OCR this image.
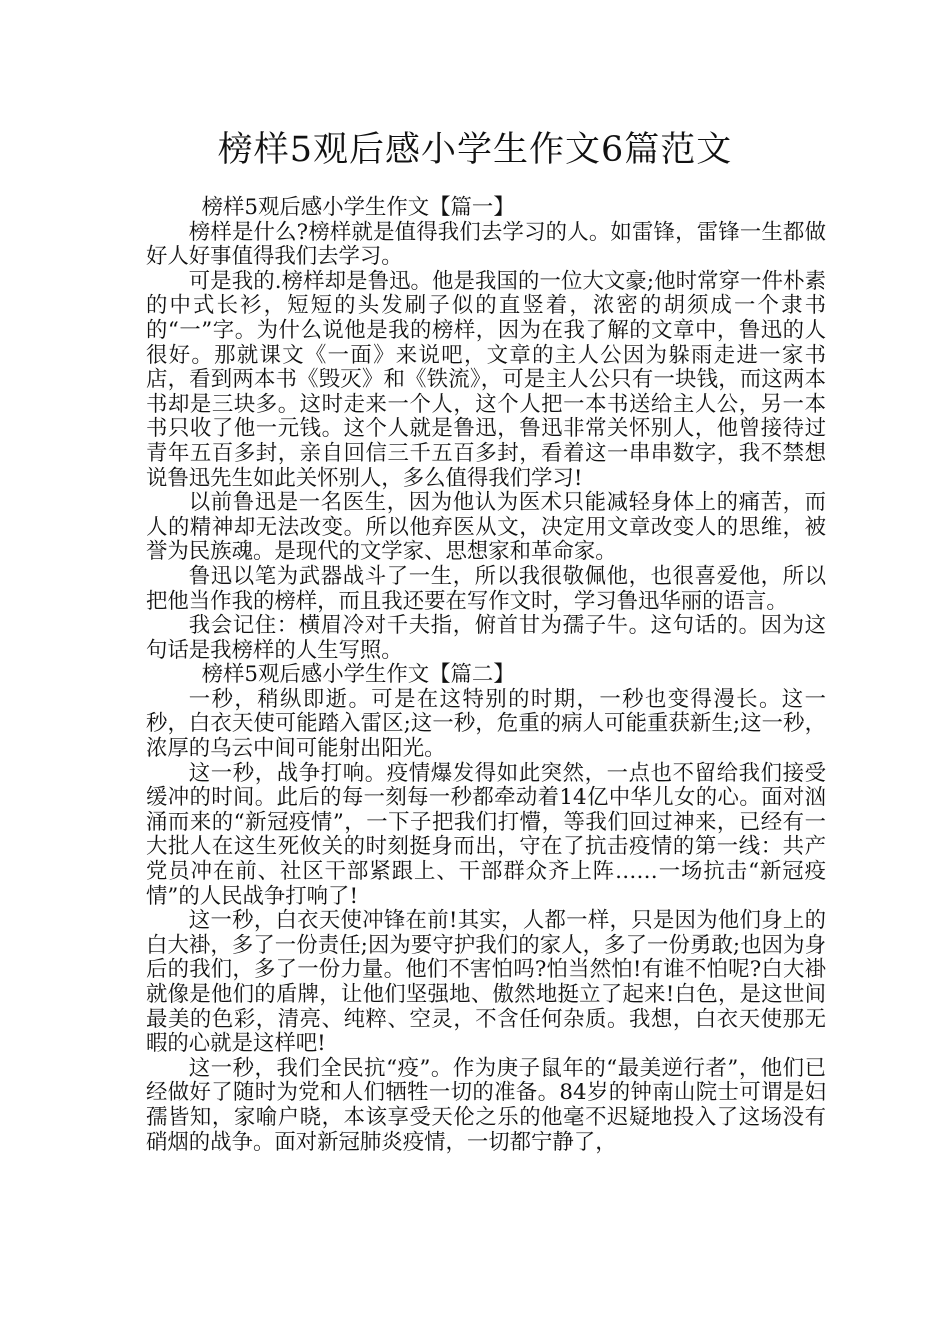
榜样5观后感小学生作文6篇范文

榜样5观后感小学生作文【篇一】

榜样是什么?榜样就是值得我们去学习的人。如雷锋，雷锋一生都做好人好事值得我们去学习。

可是我的.榜样却是鲁迅。他是我国的一位大文豪;他时常穿一件朴素的中式长衫，短短的头发刷子似的直竖着，浓密的胡须成一个隶书的“一”字。为什么说他是我的榜样，因为在我了解的文章中，鲁迅的人很好。那就课文《一面》来说吧，文章的主人公因为躲雨走进一家书店，看到两本书《毁灭》和《铁流》，可是主人公只有一块钱，而这两本书却是三块多。这时走来一个人，这个人把一本书送给主人公，另一本书只收了他一元钱。这个人就是鲁迅，鲁迅非常关怀别人，他曾接待过青年五百多封，亲自回信三千五百多封，看着这一串串数字，我不禁想说鲁迅先生如此关怀别人，多么值得我们学习!

以前鲁迅是一名医生，因为他认为医术只能减轻身体上的痛苦，而人的精神却无法改变。所以他弃医从文，决定用文章改变人的思维，被誉为民族魂。是现代的文学家、思想家和革命家。

鲁迅以笔为武器战斗了一生，所以我很敬佩他，也很喜爱他，所以把他当作我的榜样，而且我还要在写作文时，学习鲁迅华丽的语言。

我会记住：横眉冷对千夫指，俯首甘为孺子牛。这句话的。因为这句话是我榜样的人生写照。

榜样5观后感小学生作文【篇二】

一秒，稍纵即逝。可是在这特别的时期，一秒也变得漫长。这一秒，白衣天使可能踏入雷区;这一秒，危重的病人可能重获新生;这一秒，浓厚的乌云中间可能射出阳光。

这一秒，战争打响。疫情爆发得如此突然，一点也不留给我们接受缓冲的时间。此后的每一刻每一秒都牵动着14亿中华儿女的心。面对汹涌而来的“新冠疫情”，一下子把我们打懵，等我们回过神来，已经有一大批人在这生死攸关的时刻挺身而出，守在了抗击疫情的第一线：共产党员冲在前、社区干部紧跟上、干部群众齐上阵……一场抗击“新冠疫情”的人民战争打响了!

这一秒，白衣天使冲锋在前!其实，人都一样，只是因为他们身上的白大褂，多了一份责任;因为要守护我们的家人，多了一份勇敢;也因为身后的我们，多了一份力量。他们不害怕吗?怕当然怕!有谁不怕呢?白大褂就像是他们的盾牌，让他们坚强地、傲然地挺立了起来!白色，是这世间最美的色彩，清亮、纯粹、空灵，不含任何杂质。我想，白衣天使那无暇的心就是这样吧!

这一秒，我们全民抗“疫”。作为庚子鼠年的“最美逆行者”，他们已经做好了随时为党和人们牺牲一切的准备。84岁的钟南山院士可谓是妇孺皆知，家喻户晓，本该享受天伦之乐的他毫不迟疑地投入了这场没有硝烟的战争。面对新冠肺炎疫情，一切都宁静了，
